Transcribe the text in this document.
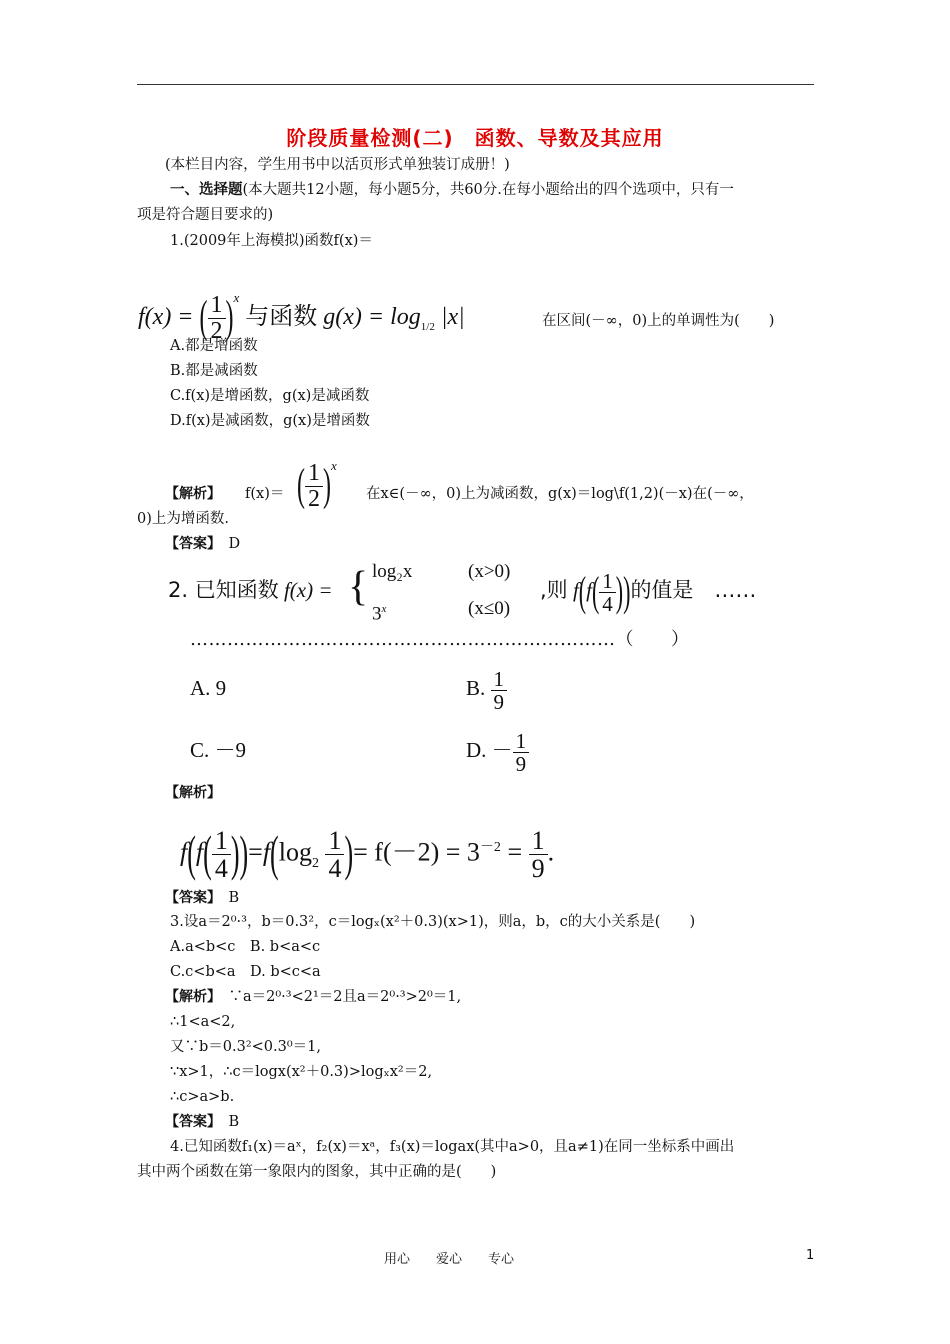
阶段质量检测(二)　函数、导数及其应用
(本栏目内容，学生用书中以活页形式单独装订成册！)
一、选择题(本大题共12小题，每小题5分，共60分.在每小题给出的四个选项中，只有一
项是符合题目要求的)
1.(2009年上海模拟)函数f(x)＝
f(x) = ( $\frac{1}{2} )^x$ 与函数 $g(x) = \log_{1/2} |x|$	在区间(－∞，0)上的单调性为(　　)
A.都是增函数
B.都是减函数
C.f(x)是增函数，g(x)是减函数
D.f(x)是减函数，g(x)是增函数
【解析】 f(x)＝ ( $\frac{1}{2} )^x$
在x∈(－∞，0)上为减函数，g(x)＝log\f(1,2)(－x)在(－∞，
0)上为增函数.
【答案】　 D
2. 已知函数 f(x) = { log₂x	(x>0)
3$^x$	(x≤0)
,则 $f(f( \frac{1}{4}$ ))的值是　……
……………………………………………………………（　　）
A. 9	B. $\frac{1}{9}$
C. －9	D. － $\frac{1}{9}$
【解析】
$f(f( \frac{1}{4} ))=f(\log_2 \frac{1}{4}$ )= $f(-2) = 3^{-2} = \frac{1}{9}$ .
【答案】　 B
3.设a＝2⁰·³，b＝0.3²，c＝logₓ(x²＋0.3)(x>1)，则a，b，c的大小关系是(　　)
A.a<b<c　B. b<a<c
C.c<b<a　D. b<c<a
【解析】　 ∵a＝2⁰·³<2¹＝2且a＝2⁰·³>2⁰＝1,
∴1<a<2,
又∵b＝0.3²<0.3⁰＝1,
∵x>1，∴c＝logx(x²＋0.3)>logₓx²＝2,
∴c>a>b.
【答案】　 B
4.已知函数f₁(x)＝aˣ，f₂(x)＝xᵃ，f₃(x)＝logax(其中a>0，且a≠1)在同一坐标系中画出
其中两个函数在第一象限内的图象，其中正确的是(　　)
用心　　爱心　　专心	1
